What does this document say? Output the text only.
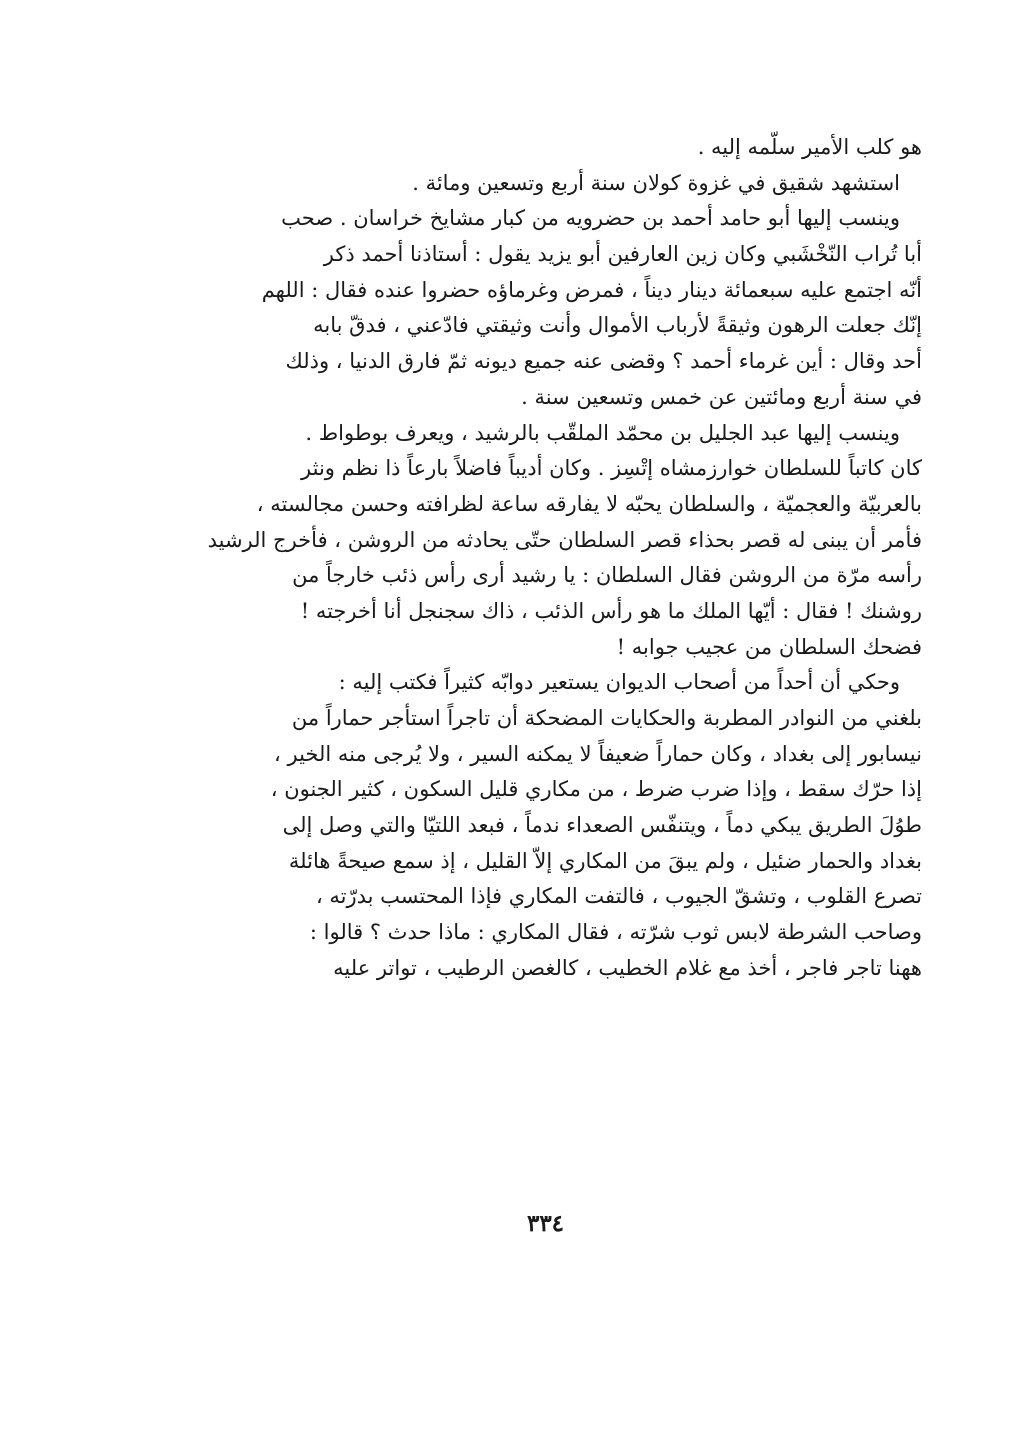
هو كلب الأمير سلّمه إليه .
استشهد شقيق في غزوة كولان سنة أربع وتسعين ومائة .
وينسب إليها أبو حامد أحمد بن حضرويه من كبار مشايخ خراسان . صحب
أبا تُراب النّخْشَبي وكان زين العارفين أبو يزيد يقول : أستاذنا أحمد ذكر
أنّه اجتمع عليه سبعمائة دينار ديناً ، فمرض وغرماؤه حضروا عنده فقال : اللهم
إنّك جعلت الرهون وثيقةً لأرباب الأموال وأنت وثيقتي فادّعني ، فدقّ بابه
أحد وقال : أين غرماء أحمد ؟ وقضى عنه جميع ديونه ثمّ فارق الدنيا ، وذلك
في سنة أربع ومائتين عن خمس وتسعين سنة .
وينسب إليها عبد الجليل بن محمّد الملقّب بالرشيد ، ويعرف بوطواط .
كان كاتباً للسلطان خوارزمشاه إتْسِز . وكان أديباً فاضلاً بارعاً ذا نظم ونثر
بالعربيّة والعجميّة ، والسلطان يحبّه لا يفارقه ساعة لظرافته وحسن مجالسته ،
فأمر أن يبنى له قصر بحذاء قصر السلطان حتّى يحادثه من الروشن ، فأخرج الرشيد
رأسه مرّة من الروشن فقال السلطان : يا رشيد أرى رأس ذئب خارجاً من
روشنك ! فقال : أيّها الملك ما هو رأس الذئب ، ذاك سجنجل أنا أخرجته !
فضحك السلطان من عجيب جوابه !
وحكي أن أحداً من أصحاب الديوان يستعير دوابّه كثيراً فكتب إليه :
بلغني من النوادر المطربة والحكايات المضحكة أن تاجراً استأجر حماراً من
نيسابور إلى بغداد ، وكان حماراً ضعيفاً لا يمكنه السير ، ولا يُرجى منه الخير ،
إذا حرّك سقط ، وإذا ضرب ضرط ، من مكاري قليل السكون ، كثير الجنون ،
طوُلَ الطريق يبكي دماً ، ويتنفّس الصعداء ندماً ، فبعد اللتيّا والتي وصل إلى
بغداد والحمار ضئيل ، ولم يبقَ من المكاري إلاّ القليل ، إذ سمع صيحةً هائلة
تصرع القلوب ، وتشقّ الجيوب ، فالتفت المكاري فإذا المحتسب بدرّته ،
وصاحب الشرطة لابس ثوب شرّته ، فقال المكاري : ماذا حدث ؟ قالوا :
ههنا تاجر فاجر ، أخذ مع غلام الخطيب ، كالغصن الرطيب ، تواتر عليه
٣٣٤
